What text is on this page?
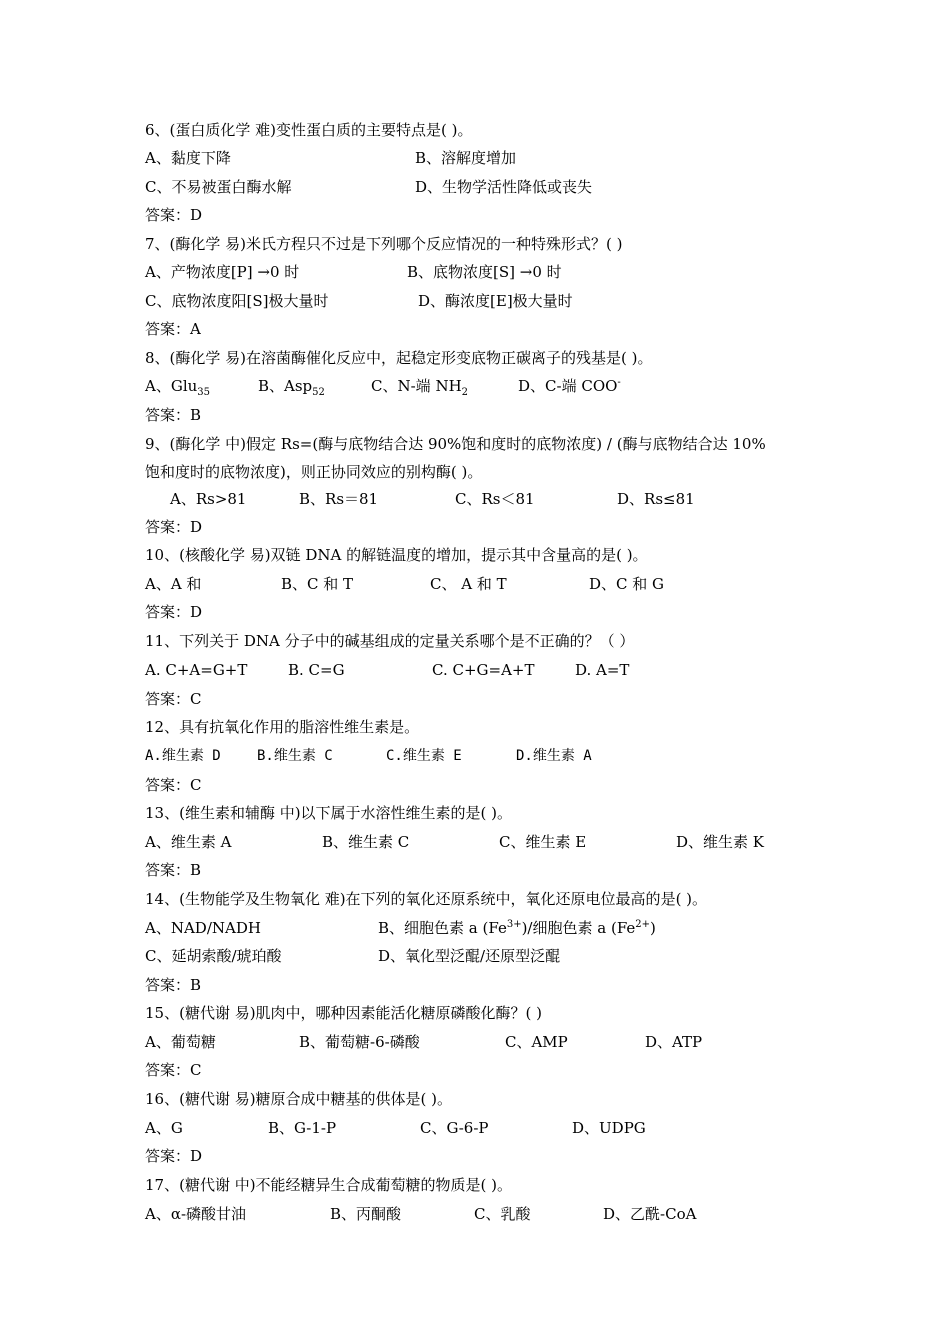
6、(蛋白质化学 难)变性蛋白质的主要特点是( )。
A、黏度下降	B、溶解度增加
C、不易被蛋白酶水解	D、生物学活性降低或丧失
答案：D
7、(酶化学 易)米氏方程只不过是下列哪个反应情况的一种特殊形式？( )
A、产物浓度[P] →0 时	B、底物浓度[S] →0 时
C、底物浓度阳[S]极大量时	D、酶浓度[E]极大量时
答案：A
8、(酶化学 易)在溶菌酶催化反应中，起稳定形变底物正碳离子的残基是( )。
A、Glu$_{35}$	B、Asp$_{52}$	C、N-端 $NH_2$	D、C-端 COO-
答案：B
9、(酶化学 中)假定 Rs=(酶与底物结合达 90%饱和度时的底物浓度) / (酶与底物结合达 10%
饱和度时的底物浓度)，则正协同效应的别构酶( )。
A、Rs>81	B、Rs＝81	C、Rs＜81	D、Rs≤81
答案：D
10、(核酸化学 易)双链 DNA 的解链温度的增加，提示其中含量高的是( )。
A、A 和	B、C 和 T	C、 A 和 T	D、C 和 G
答案：D
11、下列关于 DNA 分子中的碱基组成的定量关系哪个是不正确的？（ ）
A. C+A=G+T	B. C=G	C. C+G=A+T	D. A=T
答案：C
12、具有抗氧化作用的脂溶性维生素是。
A.维生素 D	B.维生素 C	C.维生素 E	D.维生素 A
答案：C
13、(维生素和辅酶 中)以下属于水溶性维生素的是( )。
A、维生素 A	B、维生素 C	C、维生素 E	D、维生素 K
答案：B
14、(生物能学及生物氧化 难)在下列的氧化还原系统中，氧化还原电位最高的是( )。
A、NAD/NADH	B、细胞色素 a $(Fe^{3+})/$细胞色素 a $(Fe^{2+})$
C、延胡索酸/琥珀酸	D、氧化型泛醌/还原型泛醌
答案：B
15、(糖代谢 易)肌肉中，哪种因素能活化糖原磷酸化酶？( )
A、葡萄糖	B、葡萄糖-6-磷酸	C、AMP	D、ATP
答案：C
16、(糖代谢 易)糖原合成中糖基的供体是( )。
A、G	B、G-1-P	C、G-6-P	D、UDPG
答案：D
17、(糖代谢 中)不能经糖异生合成葡萄糖的物质是( )。
A、α-磷酸甘油	B、丙酮酸	C、乳酸	D、乙酰-CoA
